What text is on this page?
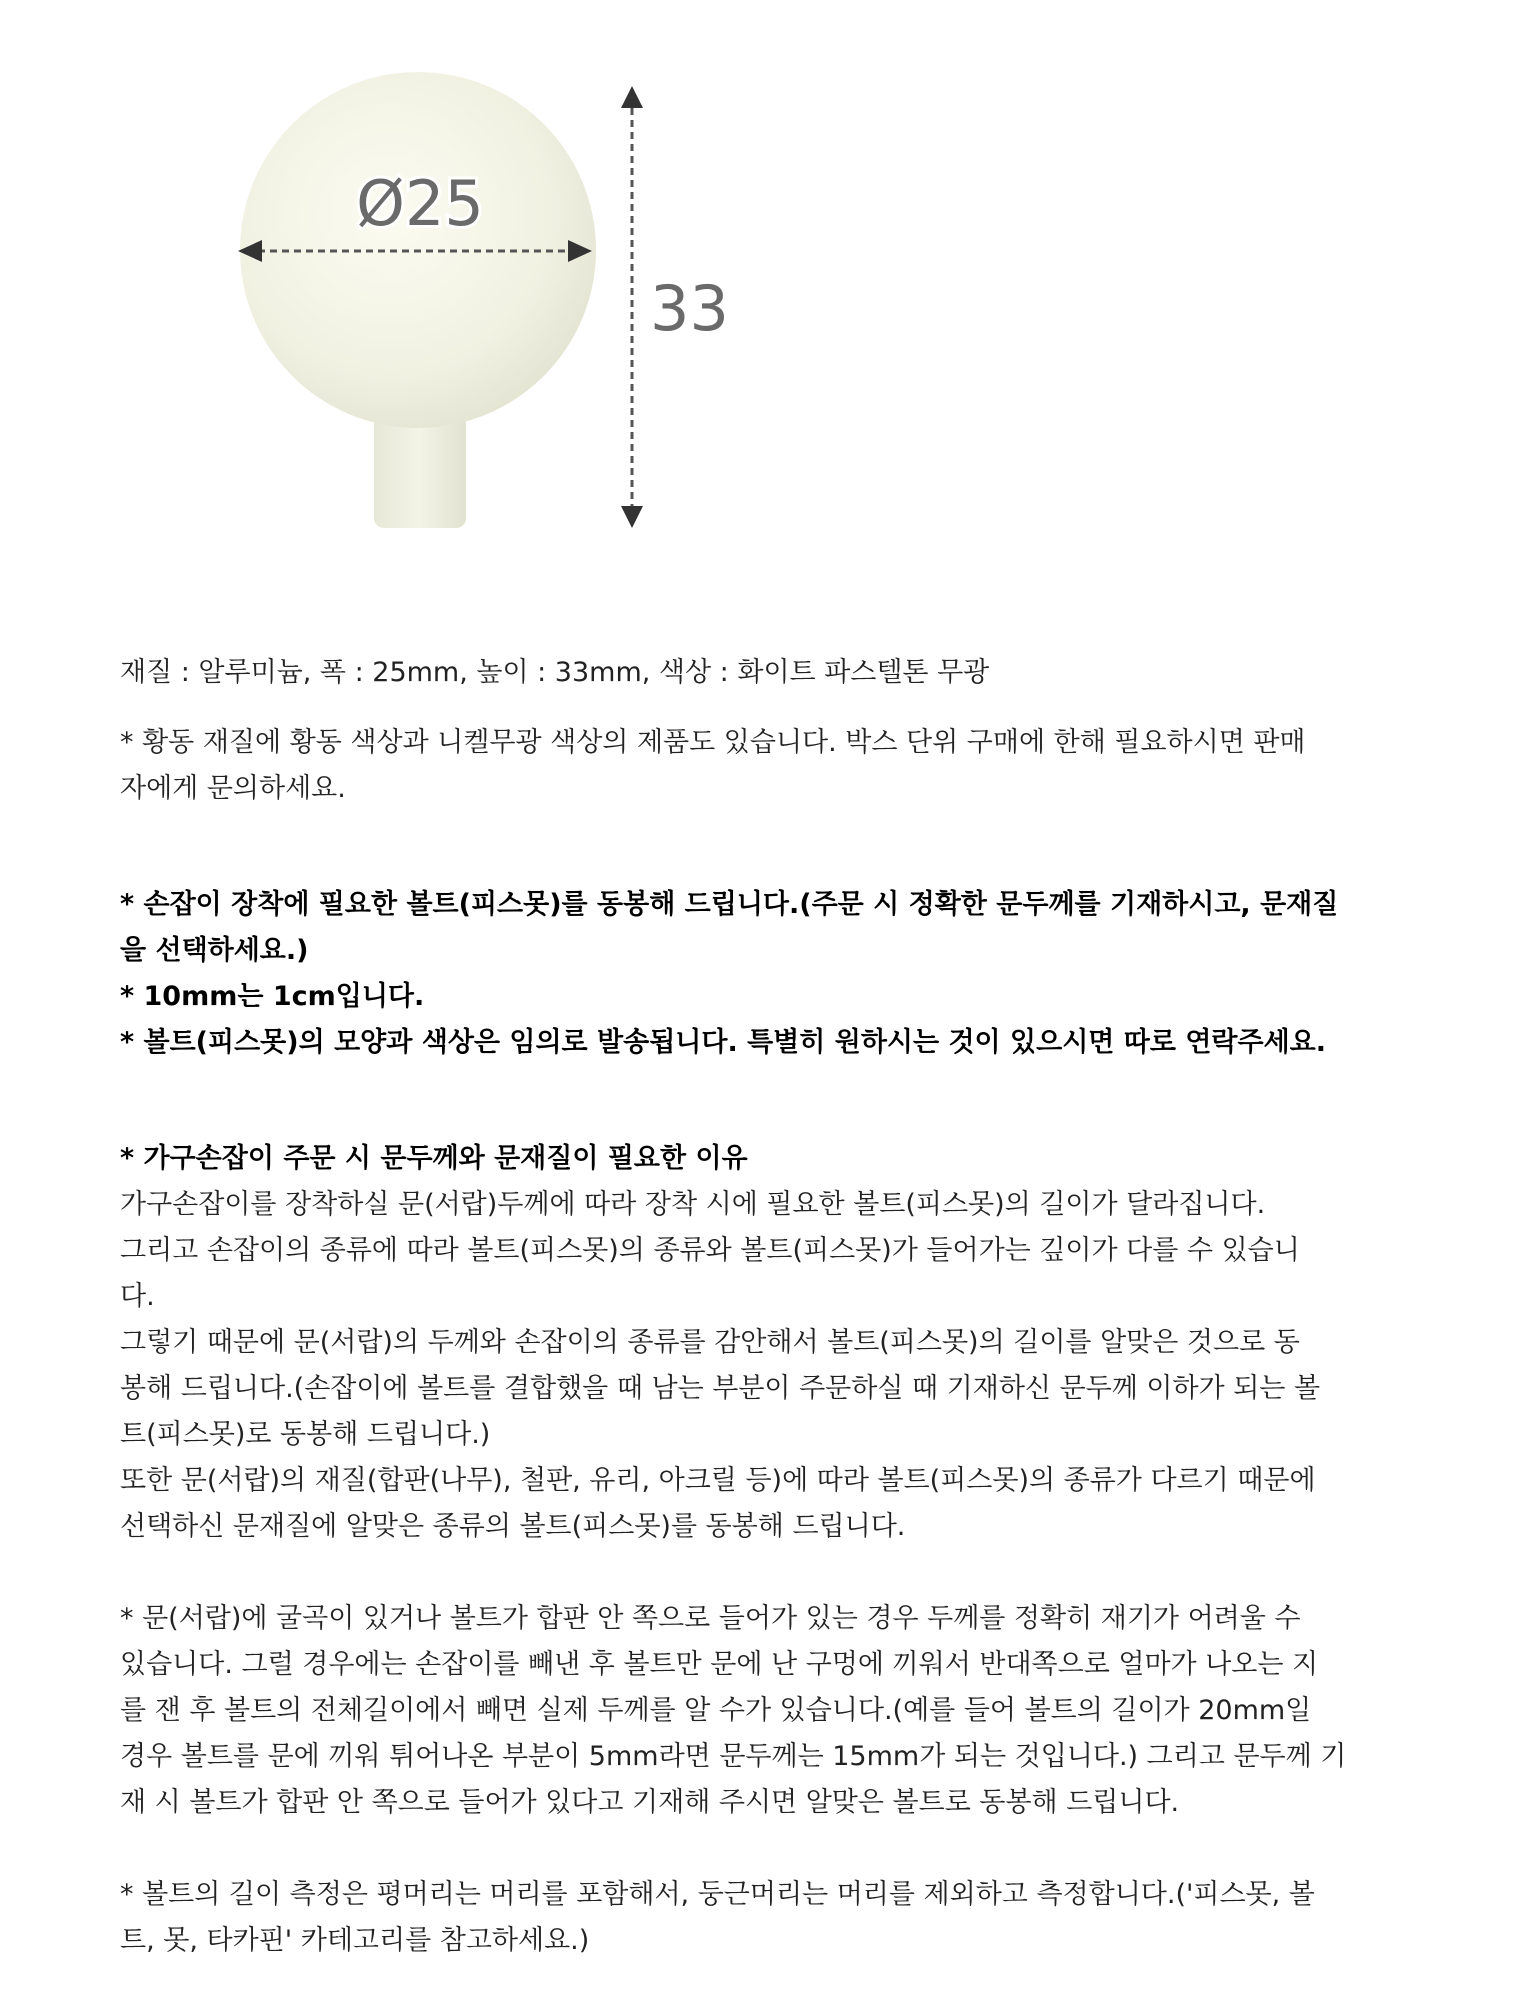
Ø25
33

재질 : 알루미늄, 폭 : 25mm, 높이 : 33mm, 색상 : 화이트 파스텔톤 무광

* 황동 재질에 황동 색상과 니켈무광 색상의 제품도 있습니다. 박스 단위 구매에 한해 필요하시면 판매

자에게 문의하세요.

* 손잡이 장착에 필요한 볼트(피스못)를 동봉해 드립니다.(주문 시 정확한 문두께를 기재하시고, 문재질

을 선택하세요.)

* 10mm는 1cm입니다.

* 볼트(피스못)의 모양과 색상은 임의로 발송됩니다. 특별히 원하시는 것이 있으시면 따로 연락주세요.

* 가구손잡이 주문 시 문두께와 문재질이 필요한 이유

가구손잡이를 장착하실 문(서랍)두께에 따라 장착 시에 필요한 볼트(피스못)의 길이가 달라집니다.

그리고 손잡이의 종류에 따라 볼트(피스못)의 종류와 볼트(피스못)가 들어가는 깊이가 다를 수 있습니

다.

그렇기 때문에 문(서랍)의 두께와 손잡이의 종류를 감안해서 볼트(피스못)의 길이를 알맞은 것으로 동

봉해 드립니다.(손잡이에 볼트를 결합했을 때 남는 부분이 주문하실 때 기재하신 문두께 이하가 되는 볼

트(피스못)로 동봉해 드립니다.)

또한 문(서랍)의 재질(합판(나무), 철판, 유리, 아크릴 등)에 따라 볼트(피스못)의 종류가 다르기 때문에

선택하신 문재질에 알맞은 종류의 볼트(피스못)를 동봉해 드립니다.

* 문(서랍)에 굴곡이 있거나 볼트가 합판 안 쪽으로 들어가 있는 경우 두께를 정확히 재기가 어려울 수

있습니다. 그럴 경우에는 손잡이를 빼낸 후 볼트만 문에 난 구멍에 끼워서 반대쪽으로 얼마가 나오는 지

를 잰 후 볼트의 전체길이에서 빼면 실제 두께를 알 수가 있습니다.(예를 들어 볼트의 길이가 20mm일

경우 볼트를 문에 끼워 튀어나온 부분이 5mm라면 문두께는 15mm가 되는 것입니다.) 그리고 문두께 기

재 시 볼트가 합판 안 쪽으로 들어가 있다고 기재해 주시면 알맞은 볼트로 동봉해 드립니다.

* 볼트의 길이 측정은 평머리는 머리를 포함해서, 둥근머리는 머리를 제외하고 측정합니다.('피스못, 볼

트, 못, 타카핀' 카테고리를 참고하세요.)
